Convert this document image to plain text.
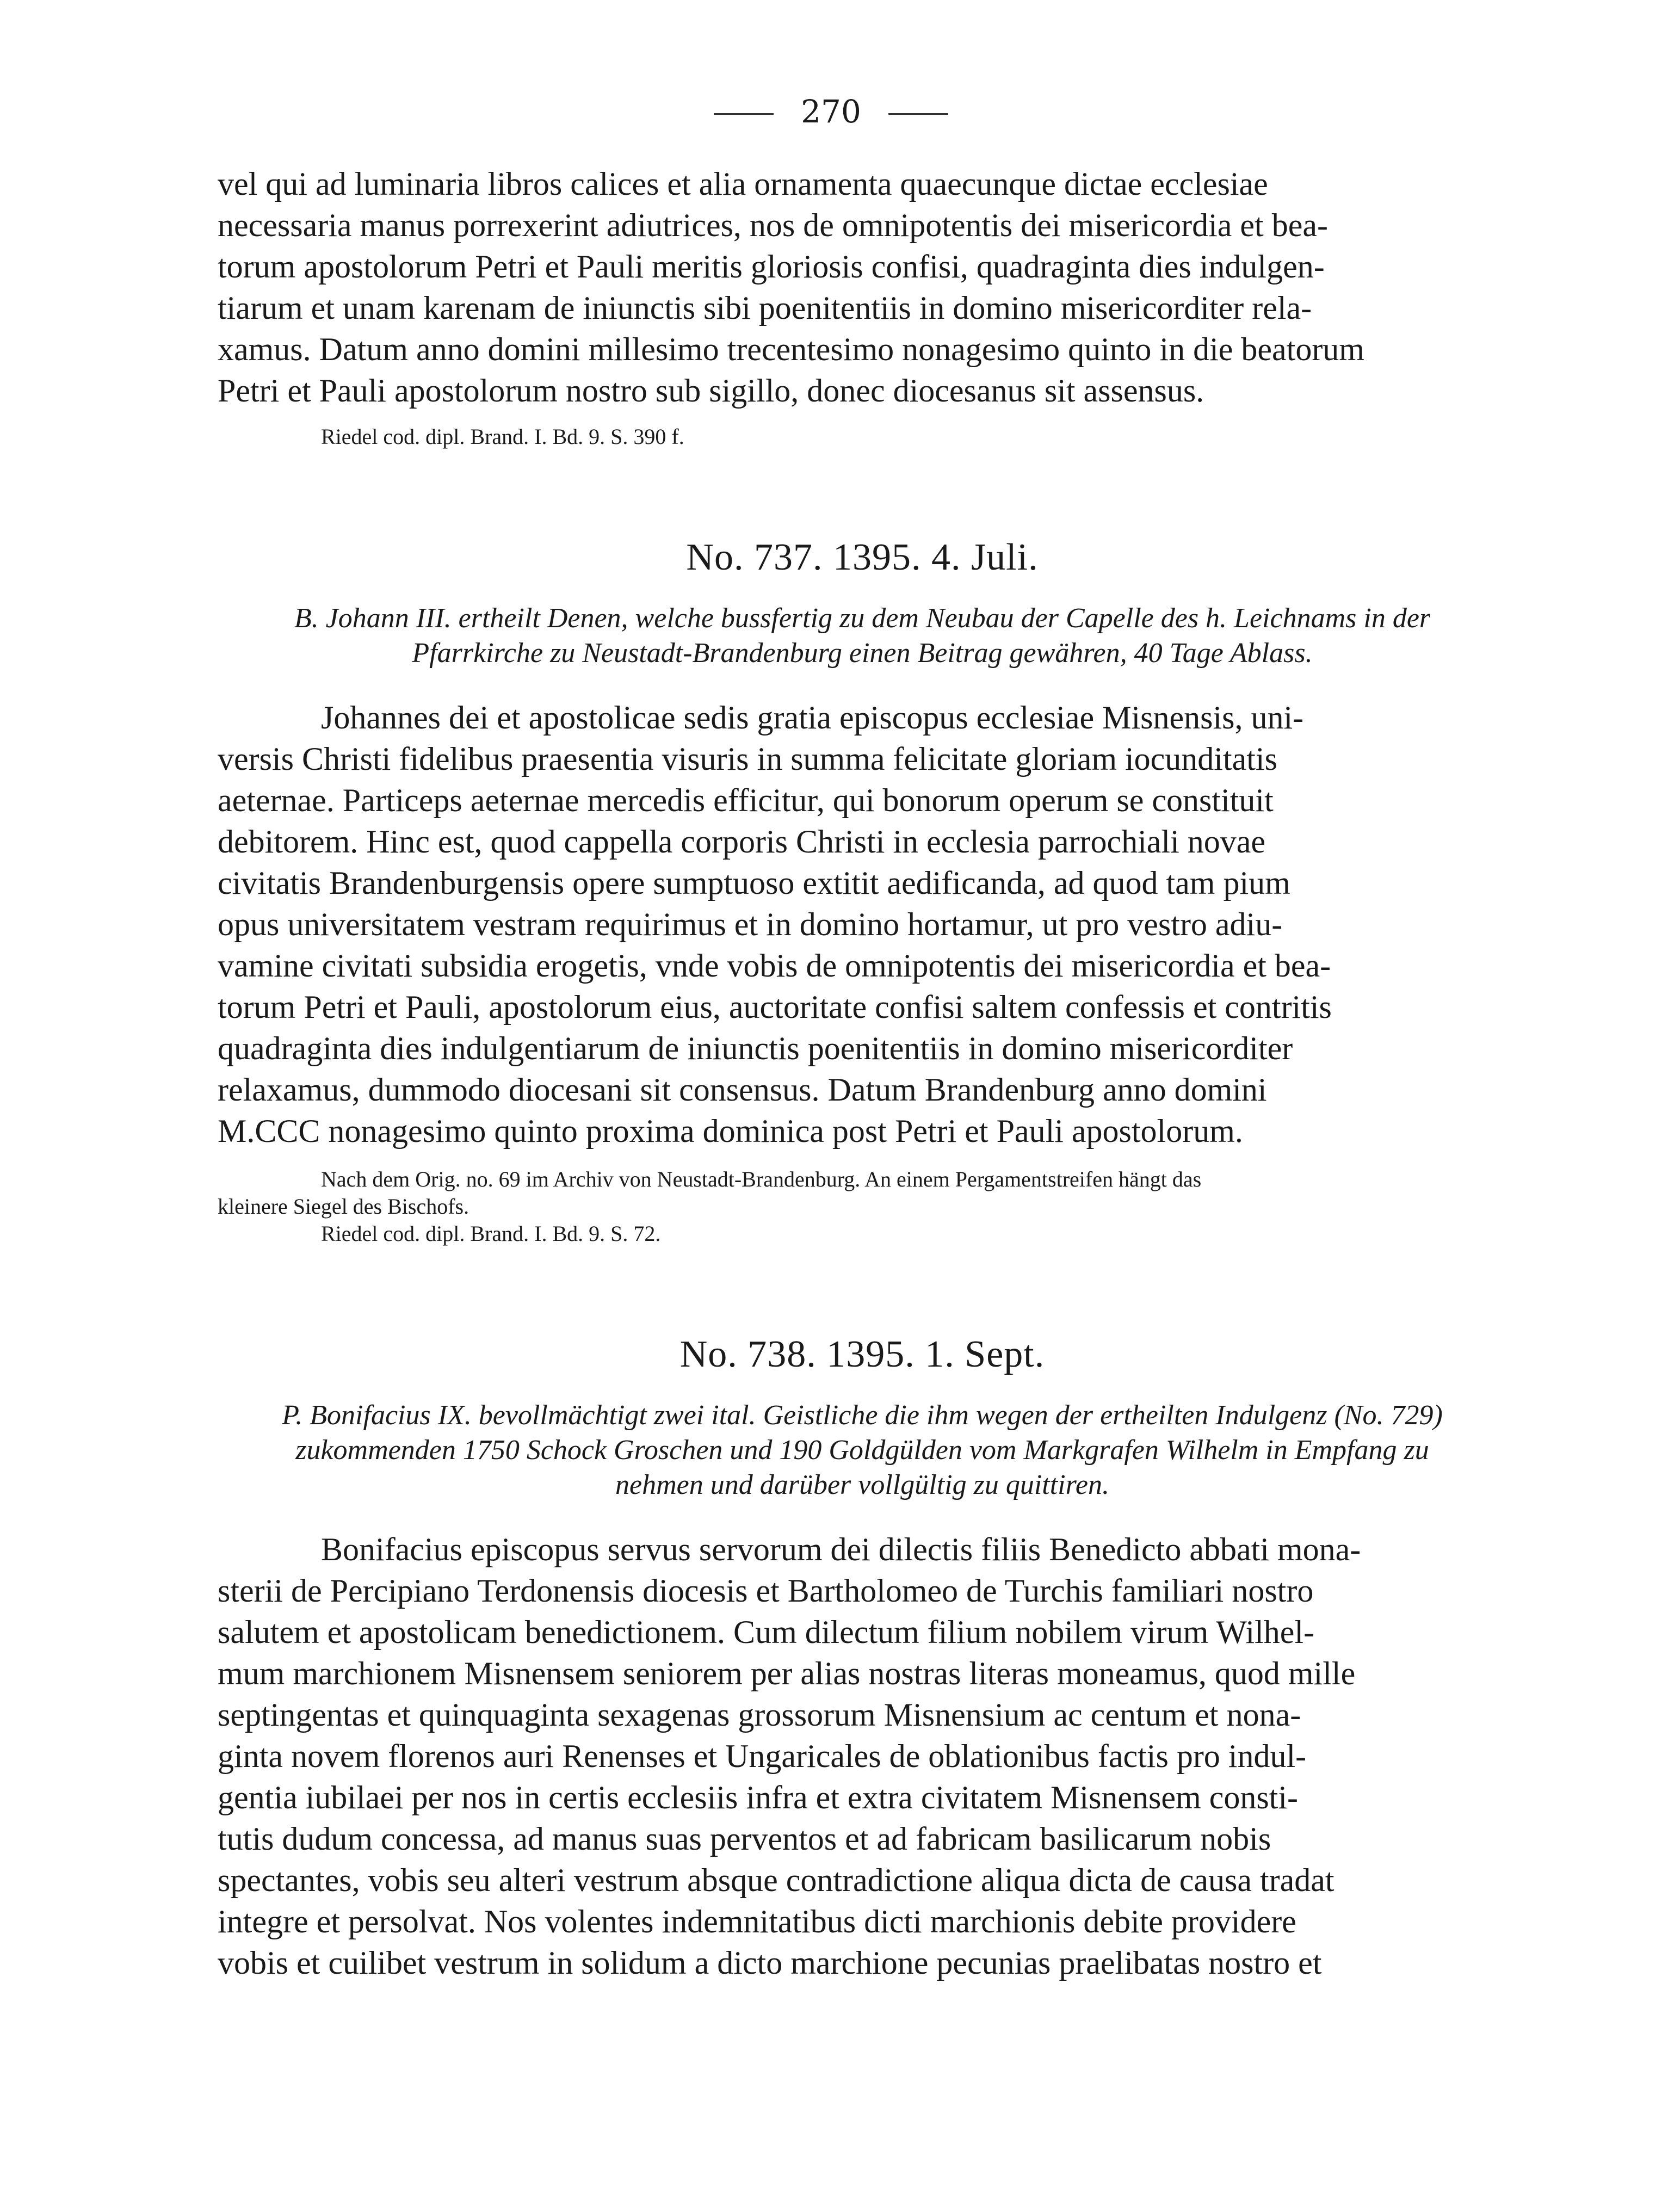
270
vel qui ad luminaria libros calices et alia ornamenta quaecunque dictae ecclesiae
necessaria manus porrexerint adiutrices, nos de omnipotentis dei misericordia et bea-
torum apostolorum Petri et Pauli meritis gloriosis confisi, quadraginta dies indulgen-
tiarum et unam karenam de iniunctis sibi poenitentiis in domino misericorditer rela-
xamus. Datum anno domini millesimo trecentesimo nonagesimo quinto in die beatorum
Petri et Pauli apostolorum nostro sub sigillo, donec diocesanus sit assensus.
Riedel cod. dipl. Brand. I. Bd. 9. S. 390 f.
No. 737. 1395. 4. Juli.
B. Johann III. ertheilt Denen, welche bussfertig zu dem Neubau der Capelle des h. Leichnams in der
Pfarrkirche zu Neustadt-Brandenburg einen Beitrag gewähren, 40 Tage Ablass.
Johannes dei et apostolicae sedis gratia episcopus ecclesiae Misnensis, uni-
versis Christi fidelibus praesentia visuris in summa felicitate gloriam iocunditatis
aeternae. Particeps aeternae mercedis efficitur, qui bonorum operum se constituit
debitorem. Hinc est, quod cappella corporis Christi in ecclesia parrochiali novae
civitatis Brandenburgensis opere sumptuoso extitit aedificanda, ad quod tam pium
opus universitatem vestram requirimus et in domino hortamur, ut pro vestro adiu-
vamine civitati subsidia erogetis, vnde vobis de omnipotentis dei misericordia et bea-
torum Petri et Pauli, apostolorum eius, auctoritate confisi saltem confessis et contritis
quadraginta dies indulgentiarum de iniunctis poenitentiis in domino misericorditer
relaxamus, dummodo diocesani sit consensus. Datum Brandenburg anno domini
M.CCC nonagesimo quinto proxima dominica post Petri et Pauli apostolorum.
Nach dem Orig. no. 69 im Archiv von Neustadt-Brandenburg. An einem Pergamentstreifen hängt das
kleinere Siegel des Bischofs.
Riedel cod. dipl. Brand. I. Bd. 9. S. 72.
No. 738. 1395. 1. Sept.
P. Bonifacius IX. bevollmächtigt zwei ital. Geistliche die ihm wegen der ertheilten Indulgenz (No. 729)
zukommenden 1750 Schock Groschen und 190 Goldgülden vom Markgrafen Wilhelm in Empfang zu
nehmen und darüber vollgültig zu quittiren.
Bonifacius episcopus servus servorum dei dilectis filiis Benedicto abbati mona-
sterii de Percipiano Terdonensis diocesis et Bartholomeo de Turchis familiari nostro
salutem et apostolicam benedictionem. Cum dilectum filium nobilem virum Wilhel-
mum marchionem Misnensem seniorem per alias nostras literas moneamus, quod mille
septingentas et quinquaginta sexagenas grossorum Misnensium ac centum et nona-
ginta novem florenos auri Renenses et Ungaricales de oblationibus factis pro indul-
gentia iubilaei per nos in certis ecclesiis infra et extra civitatem Misnensem consti-
tutis dudum concessa, ad manus suas perventos et ad fabricam basilicarum nobis
spectantes, vobis seu alteri vestrum absque contradictione aliqua dicta de causa tradat
integre et persolvat. Nos volentes indemnitatibus dicti marchionis debite providere
vobis et cuilibet vestrum in solidum a dicto marchione pecunias praelibatas nostro et
